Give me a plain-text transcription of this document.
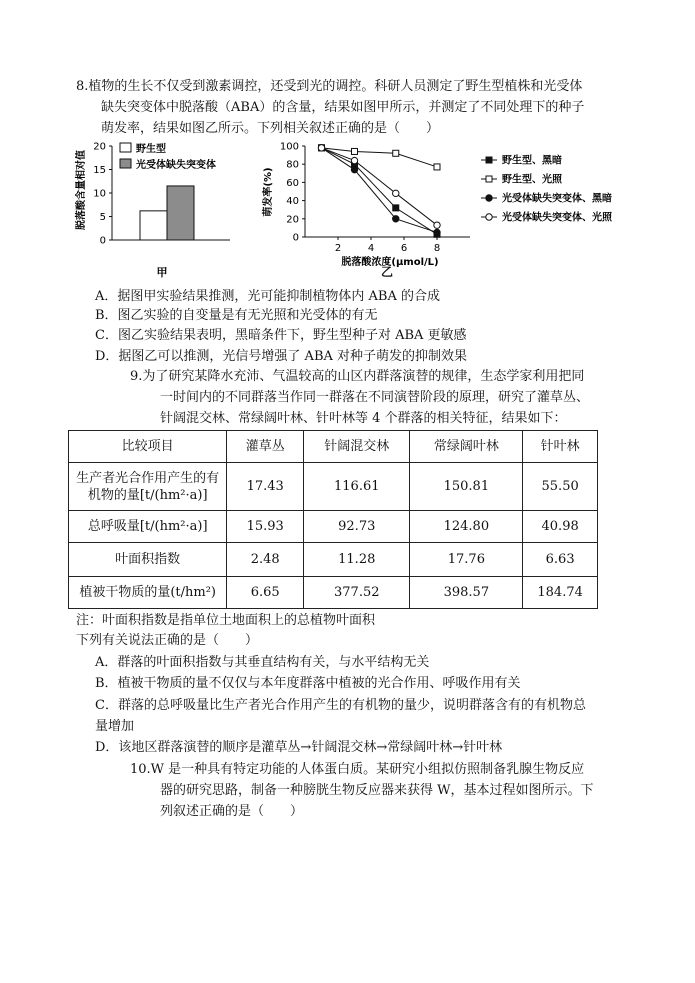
8.植物的生长不仅受到激素调控，还受到光的调控。科研人员测定了野生型植株和光受体
缺失突变体中脱落酸（ABA）的含量，结果如图甲所示，并测定了不同处理下的种子
萌发率，结果如图乙所示。下列相关叙述正确的是（　　）
脱落酸含量相对值
0
5
10
15
20	野生型
光受体缺失突变体
甲
萌发率(%)
0
20
40
60
80
100
2	4	6	8
野生型、黑暗
野生型、光照
光受体缺失突变体、黑暗
光受体缺失突变体、光照
脱落酸浓度(μmol/L)
乙
A．据图甲实验结果推测，光可能抑制植物体内 ABA 的合成
B．图乙实验的自变量是有无光照和光受体的有无
C．图乙实验结果表明，黑暗条件下，野生型种子对 ABA 更敏感
D．据图乙可以推测，光信号增强了 ABA 对种子萌发的抑制效果
9.为了研究某降水充沛、气温较高的山区内群落演替的规律，生态学家利用把同
一时间内的不同群落当作同一群落在不同演替阶段的原理，研究了灌草丛、
针阔混交林、常绿阔叶林、针叶林等 4 个群落的相关特征，结果如下：
比较项目	灌草丛	针阔混交林	常绿阔叶林	针叶林
生产者光合作用产生的有机物的量[t/(hm²·a)]	17.43	116.61	150.81	55.50
总呼吸量[t/(hm²·a)]	15.93	92.73	124.80	40.98
叶面积指数	2.48	11.28	17.76	6.63
植被干物质的量(t/hm²)	6.65	377.52	398.57	184.74
注：叶面积指数是指单位土地面积上的总植物叶面积
下列有关说法正确的是（　　）
A．群落的叶面积指数与其垂直结构有关，与水平结构无关
B．植被干物质的量不仅仅与本年度群落中植被的光合作用、呼吸作用有关
C．群落的总呼吸量比生产者光合作用产生的有机物的量少，说明群落含有的有机物总
量增加
D．该地区群落演替的顺序是灌草丛→针阔混交林→常绿阔叶林→针叶林
10.W 是一种具有特定功能的人体蛋白质。某研究小组拟仿照制备乳腺生物反应
器的研究思路，制备一种膀胱生物反应器来获得 W，基本过程如图所示。下
列叙述正确的是（　　）
